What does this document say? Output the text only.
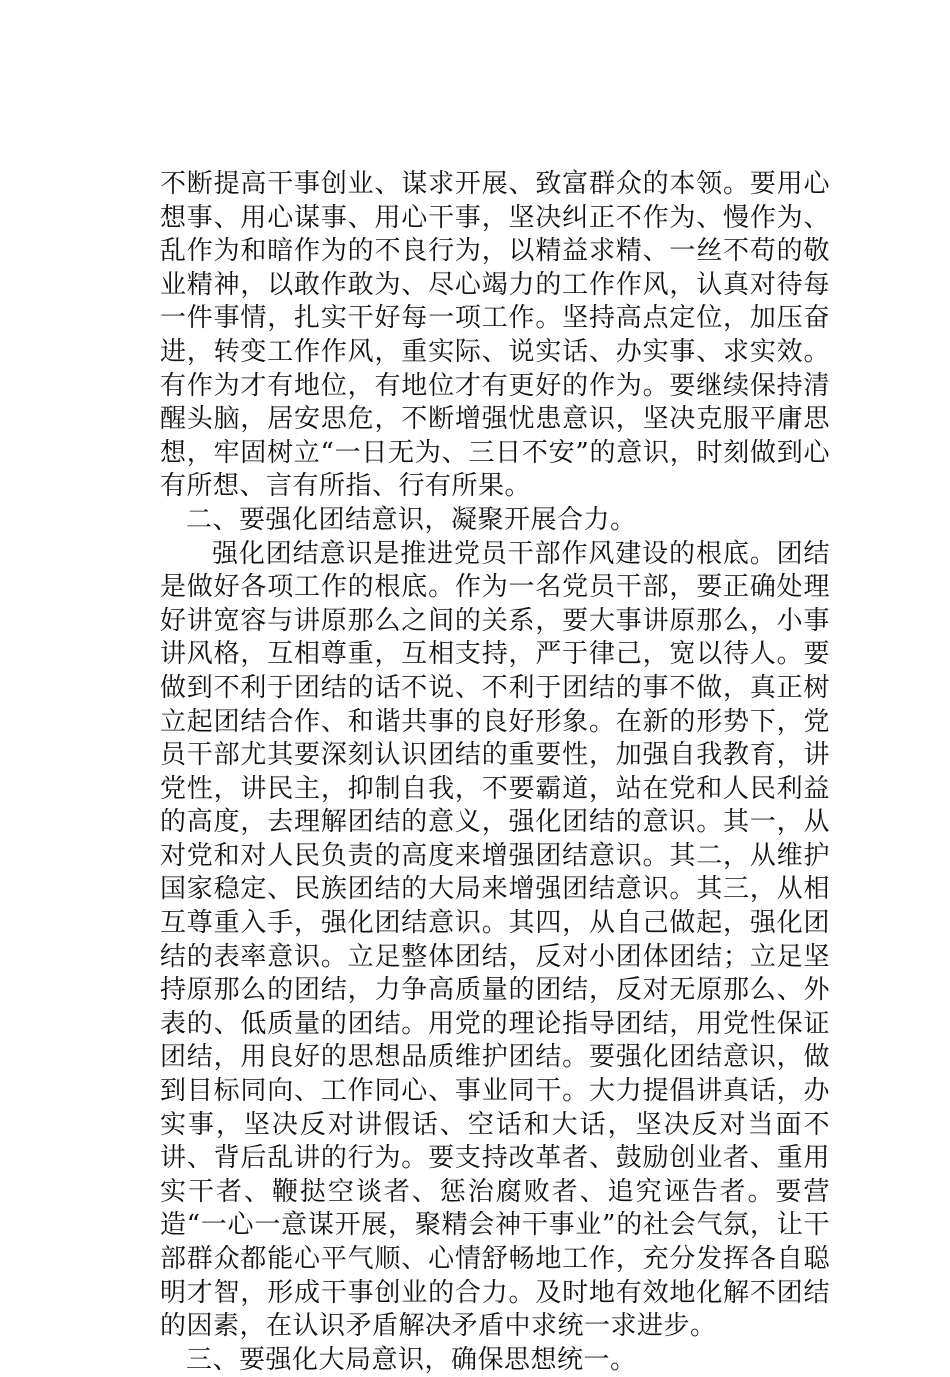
不断提高干事创业、谋求开展、致富群众的本领。要用心想事、用心谋事、用心干事，坚决纠正不作为、慢作为、乱作为和暗作为的不良行为，以精益求精、一丝不苟的敬业精神，以敢作敢为、尽心竭力的工作作风，认真对待每一件事情，扎实干好每一项工作。坚持高点定位，加压奋进，转变工作作风，重实际、说实话、办实事、求实效。有作为才有地位，有地位才有更好的作为。要继续保持清醒头脑，居安思危，不断增强忧患意识，坚决克服平庸思想，牢固树立“一日无为、三日不安”的意识，时刻做到心有所想、言有所指、行有所果。

二、要强化团结意识，凝聚开展合力。

强化团结意识是推进党员干部作风建设的根底。团结是做好各项工作的根底。作为一名党员干部，要正确处理好讲宽容与讲原那么之间的关系，要大事讲原那么，小事讲风格，互相尊重，互相支持，严于律己，宽以待人。要做到不利于团结的话不说、不利于团结的事不做，真正树立起团结合作、和谐共事的良好形象。在新的形势下，党员干部尤其要深刻认识团结的重要性，加强自我教育，讲党性，讲民主，抑制自我，不要霸道，站在党和人民利益的高度，去理解团结的意义，强化团结的意识。其一，从对党和对人民负责的高度来增强团结意识。其二，从维护国家稳定、民族团结的大局来增强团结意识。其三，从相互尊重入手，强化团结意识。其四，从自己做起，强化团结的表率意识。立足整体团结，反对小团体团结；立足坚持原那么的团结，力争高质量的团结，反对无原那么、外表的、低质量的团结。用党的理论指导团结，用党性保证团结，用良好的思想品质维护团结。要强化团结意识，做到目标同向、工作同心、事业同干。大力提倡讲真话，办实事，坚决反对讲假话、空话和大话，坚决反对当面不讲、背后乱讲的行为。要支持改革者、鼓励创业者、重用实干者、鞭挞空谈者、惩治腐败者、追究诬告者。要营造“一心一意谋开展，聚精会神干事业”的社会气氛，让干部群众都能心平气顺、心情舒畅地工作，充分发挥各自聪明才智，形成干事创业的合力。及时地有效地化解不团结的因素，在认识矛盾解决矛盾中求统一求进步。

三、要强化大局意识，确保思想统一。
